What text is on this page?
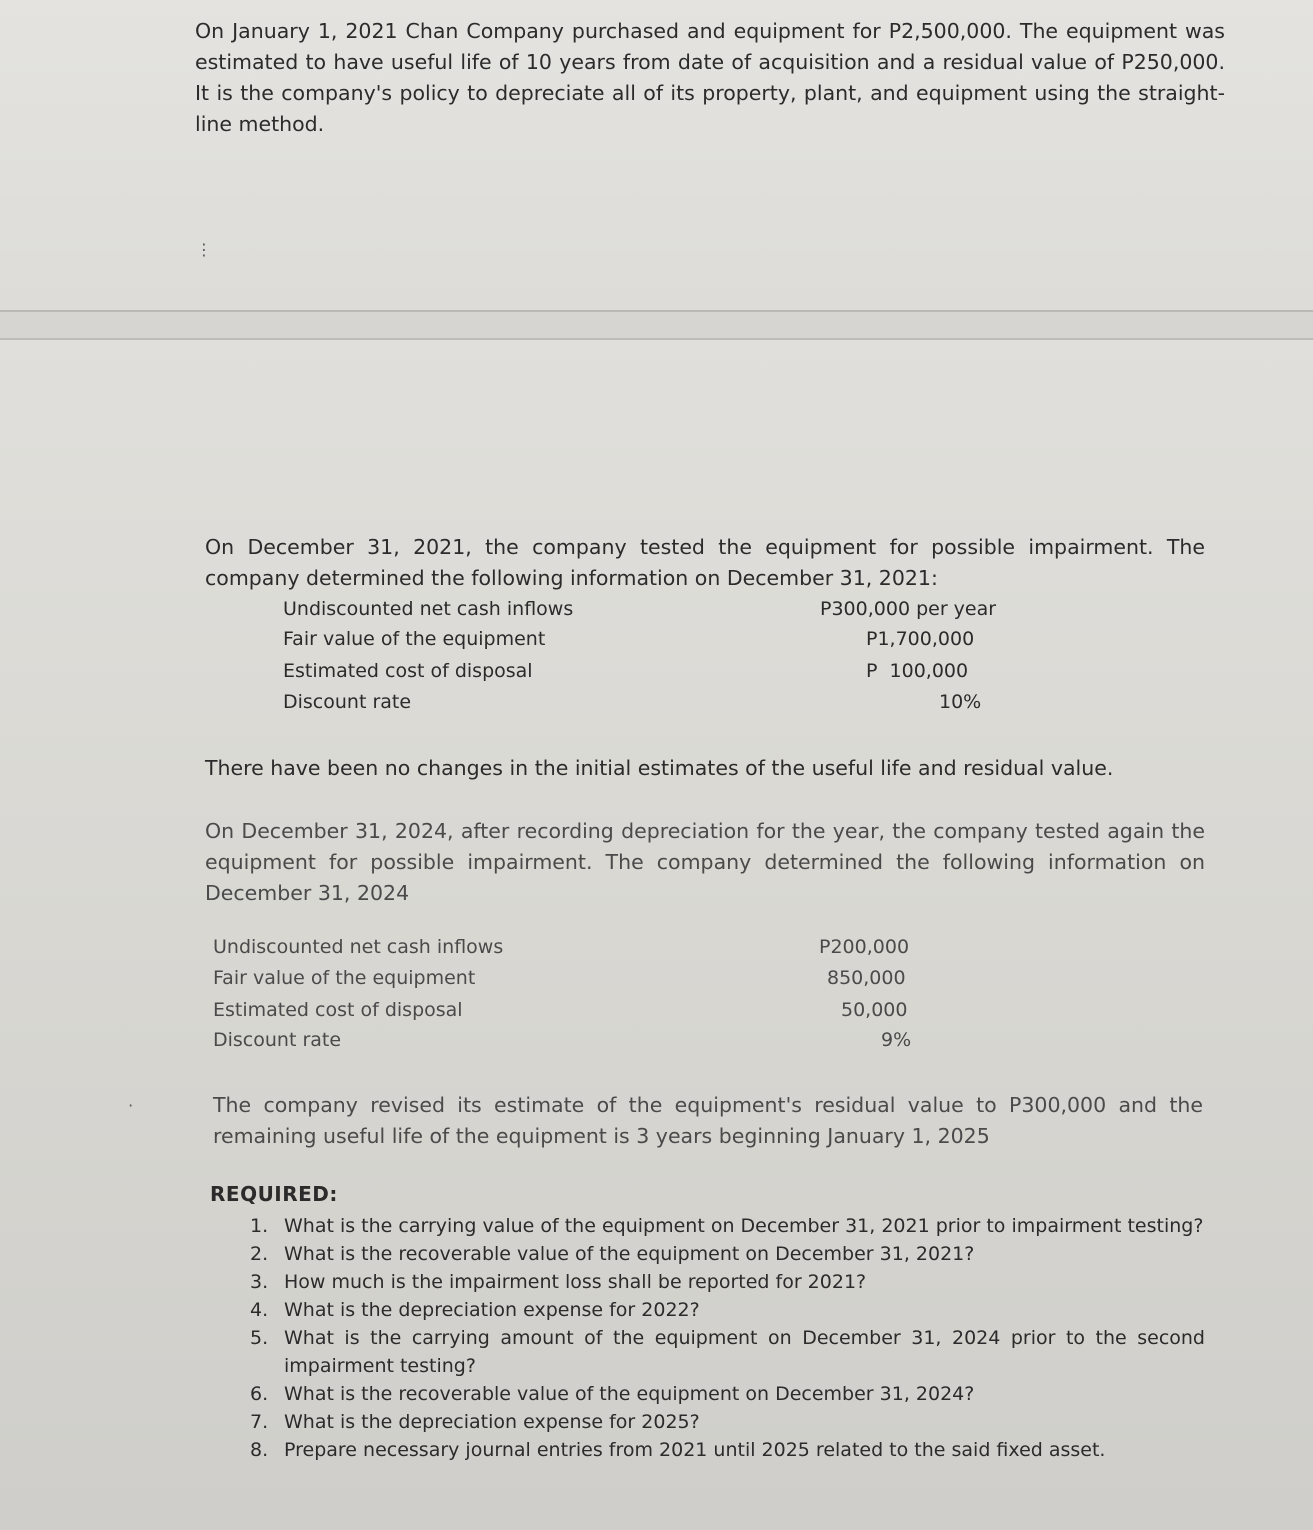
On January 1, 2021 Chan Company purchased and equipment for P2,500,000. The equipment was estimated to have useful life of 10 years from date of acquisition and a residual value of P250,000. It is the company's policy to depreciate all of its property, plant, and equipment using the straight-line method.

⋮

On December 31, 2021, the company tested the equipment for possible impairment. The company determined the following information on December 31, 2021:

Undiscounted net cash inflows	P300,000 per year
Fair value of the equipment	P1,700,000
Estimated cost of disposal	P  100,000
Discount rate	10%

There have been no changes in the initial estimates of the useful life and residual value.

On December 31, 2024, after recording depreciation for the year, the company tested again the equipment for possible impairment. The company determined the following information on December 31, 2024

Undiscounted net cash inflows	P200,000
Fair value of the equipment	850,000
Estimated cost of disposal	50,000
Discount rate	9%
⋅	The company revised its estimate of the equipment's residual value to P300,000 and the remaining useful life of the equipment is 3 years beginning January 1, 2025

REQUIRED:
1. What is the carrying value of the equipment on December 31, 2021 prior to impairment testing?
2. What is the recoverable value of the equipment on December 31, 2021?
3. How much is the impairment loss shall be reported for 2021?
4. What is the depreciation expense for 2022?
5. What is the carrying amount of the equipment on December 31, 2024 prior to the second impairment testing?
6. What is the recoverable value of the equipment on December 31, 2024?
7. What is the depreciation expense for 2025?
8. Prepare necessary journal entries from 2021 until 2025 related to the said fixed asset.
